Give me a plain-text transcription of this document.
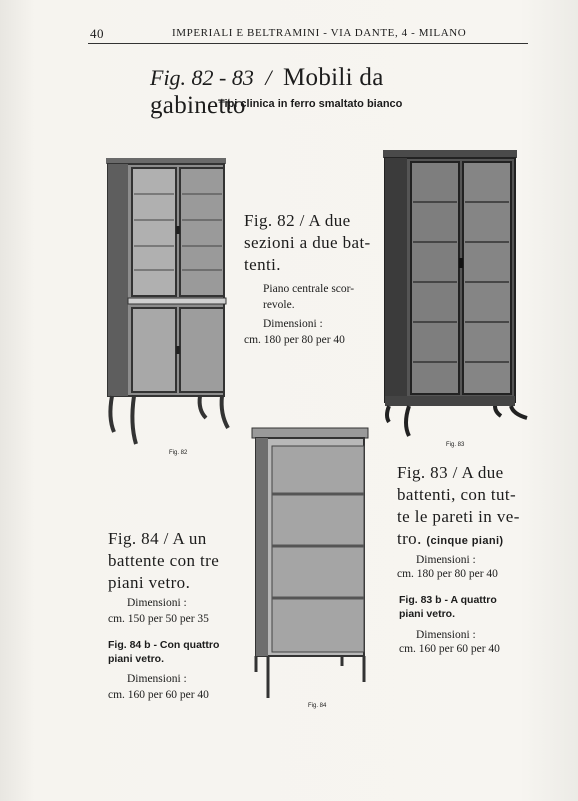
40	IMPERIALI E BELTRAMINI - VIA DANTE, 4 - MILANO
Fig. 82 - 83 / Mobili da gabinetto
Tipi clinica in ferro smaltato bianco
Fig. 82
Fig. 82 / A due
sezioni a due bat-
tenti.
Piano centrale scor-
revole.
Dimensioni :
cm. 180 per 80 per 40
Fig. 83
Fig. 83 / A due
battenti, con tut-
te le pareti in ve-
tro. (cinque piani)
Dimensioni :
cm. 180 per 80 per 40
Fig. 83 b - A quattro
piani vetro.
Dimensioni :
cm. 160 per 60 per 40
Fig. 84
Fig. 84 / A un
battente con tre
piani vetro.
Dimensioni :
cm. 150 per 50 per 35
Fig. 84 b - Con quattro
piani vetro.
Dimensioni :
cm. 160 per 60 per 40
